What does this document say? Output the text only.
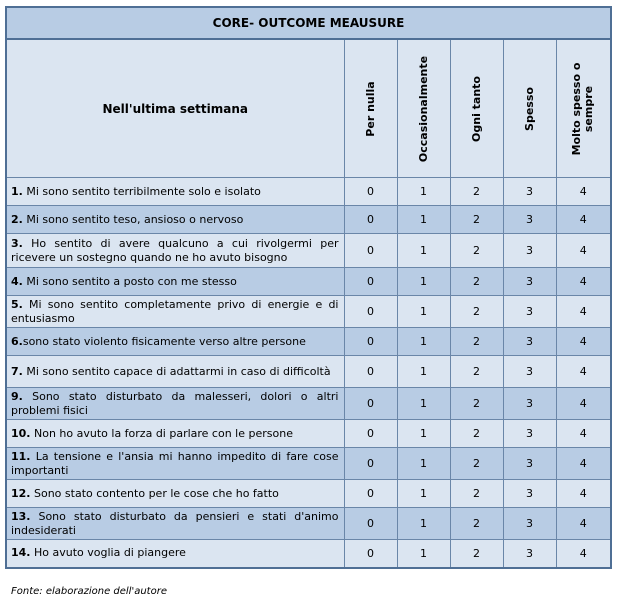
CORE- OUTCOME MEAUSURE					
Nell'ultima settimana	Per nulla	Occasionalmente	Ogni tanto	Spesso	Molto spesso o sempre

1. Mi sono sentito terribilmente solo e isolato	0	1	2	3	4
2. Mi sono sentito teso, ansioso o nervoso	0	1	2	3	4
3. Ho sentito di avere qualcuno a cui rivolgermi per ricevere un sostegno quando ne ho avuto bisogno	0	1	2	3	4
4. Mi sono sentito a posto con me stesso	0	1	2	3	4
5. Mi sono sentito completamente privo di energie e di entusiasmo	0	1	2	3	4
6.sono stato violento fisicamente verso altre persone	0	1	2	3	4
7. Mi sono sentito capace di adattarmi in caso di difficoltà	0	1	2	3	4
9. Sono stato disturbato da malesseri, dolori o altri problemi fisici	0	1	2	3	4
10. Non ho avuto la forza di parlare con le persone	0	1	2	3	4
11. La tensione e l'ansia mi hanno impedito di fare cose importanti	0	1	2	3	4
12. Sono stato contento per le cose che ho fatto	0	1	2	3	4
13. Sono stato disturbato da pensieri e stati d'animo indesiderati	0	1	2	3	4
14. Ho avuto voglia di piangere	0	1	2	3	4
Fonte: elaborazione dell'autore
